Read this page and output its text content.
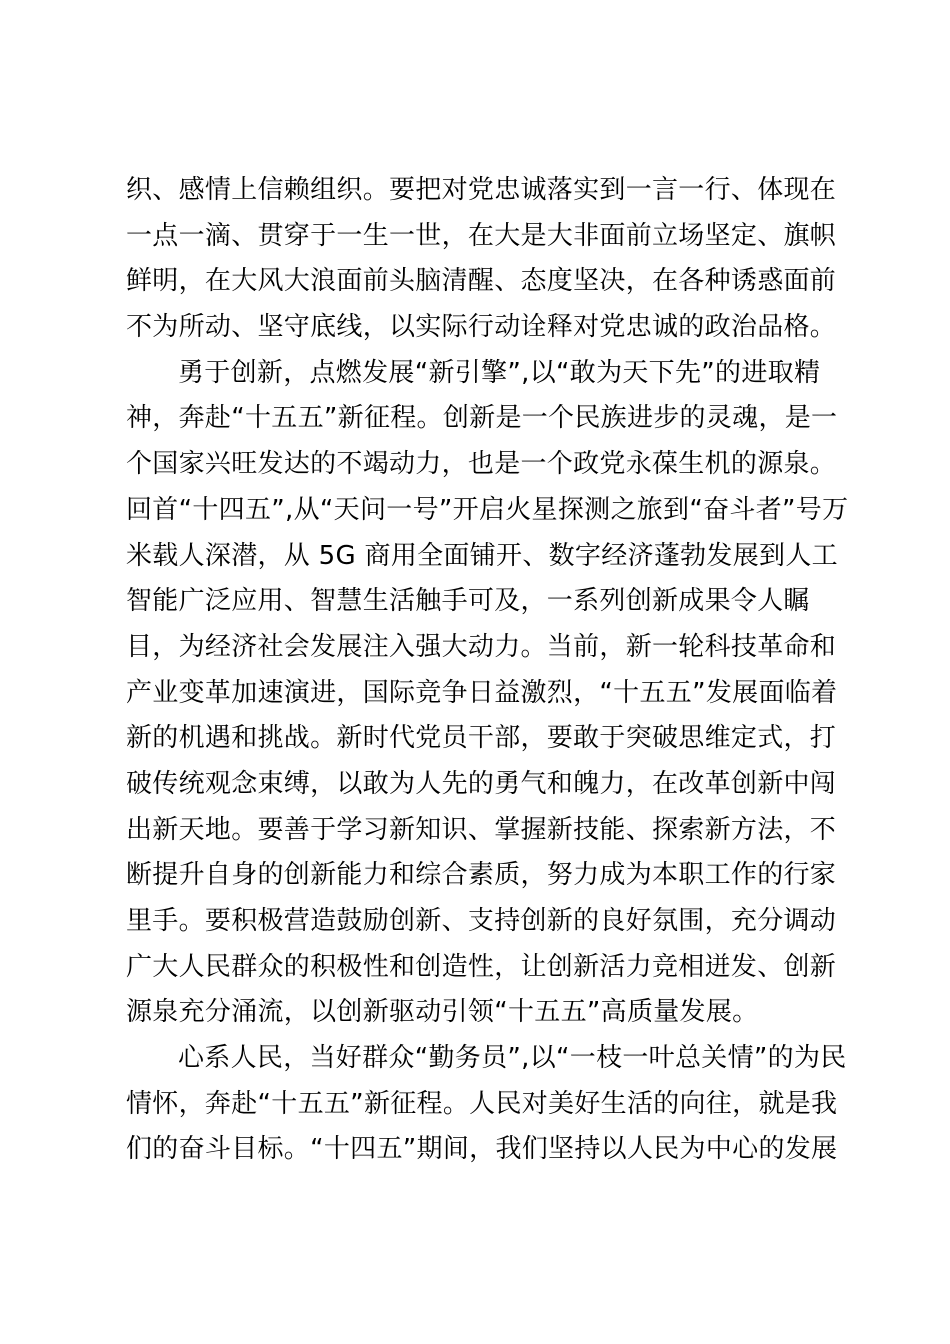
织、感情上信赖组织。要把对党忠诚落实到一言一行、体现在
一点一滴、贯穿于一生一世，在大是大非面前立场坚定、旗帜
鲜明，在大风大浪面前头脑清醒、态度坚决，在各种诱惑面前
不为所动、坚守底线，以实际行动诠释对党忠诚的政治品格。
勇于创新，点燃发展“新引擎”,以“敢为天下先”的进取精
神，奔赴“十五五”新征程。创新是一个民族进步的灵魂，是一
个国家兴旺发达的不竭动力，也是一个政党永葆生机的源泉。
回首“十四五”,从“天问一号”开启火星探测之旅到“奋斗者”号万
米载人深潜，从 5G 商用全面铺开、数字经济蓬勃发展到人工
智能广泛应用、智慧生活触手可及，一系列创新成果令人瞩
目，为经济社会发展注入强大动力。当前，新一轮科技革命和
产业变革加速演进，国际竞争日益激烈，“十五五”发展面临着
新的机遇和挑战。新时代党员干部，要敢于突破思维定式，打
破传统观念束缚，以敢为人先的勇气和魄力，在改革创新中闯
出新天地。要善于学习新知识、掌握新技能、探索新方法，不
断提升自身的创新能力和综合素质，努力成为本职工作的行家
里手。要积极营造鼓励创新、支持创新的良好氛围，充分调动
广大人民群众的积极性和创造性，让创新活力竞相迸发、创新
源泉充分涌流，以创新驱动引领“十五五”高质量发展。
心系人民，当好群众“勤务员”,以“一枝一叶总关情”的为民
情怀，奔赴“十五五”新征程。人民对美好生活的向往，就是我
们的奋斗目标。“十四五”期间，我们坚持以人民为中心的发展
